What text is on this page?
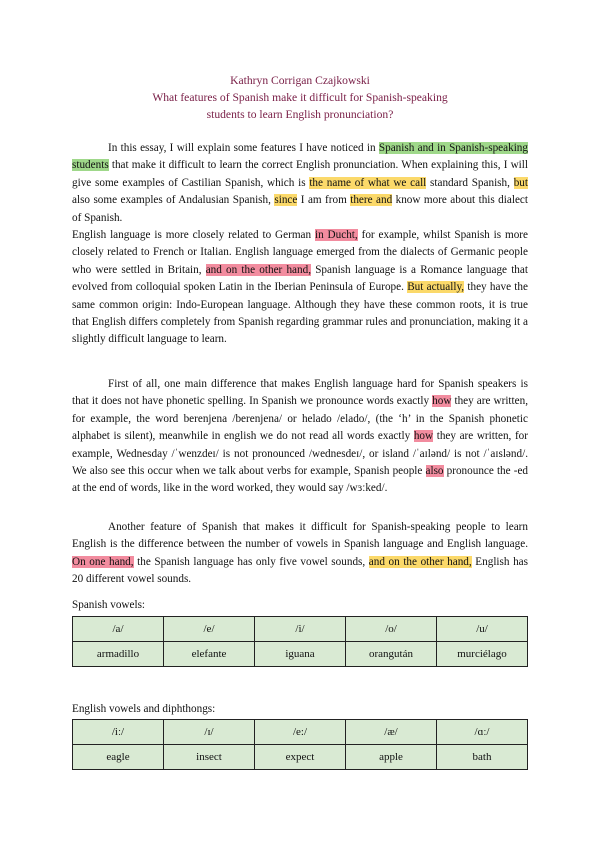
Kathryn Corrigan Czajkowski
What features of Spanish make it difficult for Spanish-speaking
students to learn English pronunciation?

In this essay, I will explain some features I have noticed in Spanish and in Spanish-speaking students that make it difficult to learn the correct English pronunciation. When explaining this, I will give some examples of Castilian Spanish, which is the name of what we call standard Spanish, but also some examples of Andalusian Spanish, since I am from there and know more about this dialect of Spanish.
English language is more closely related to German in Ducht, for example, whilst Spanish is more closely related to French or Italian. English language emerged from the dialects of Germanic people who were settled in Britain, and on the other hand, Spanish language is a Romance language that evolved from colloquial spoken Latin in the Iberian Peninsula of Europe. But actually, they have the same common origin: Indo-European language. Although they have these common roots, it is true that English differs completely from Spanish regarding grammar rules and pronunciation, making it a slightly difficult language to learn.

First of all, one main difference that makes English language hard for Spanish speakers is that it does not have phonetic spelling. In Spanish we pronounce words exactly how they are written, for example, the word berenjena /berenjena/ or helado /elado/, (the ‘h’ in the Spanish phonetic alphabet is silent), meanwhile in english we do not read all words exactly how they are written, for example, Wednesday /ˈwenzdeɪ/ is not pronounced /wednesdeɪ/, or island /ˈaɪlənd/ is not /ˈaɪslənd/. We also see this occur when we talk about verbs for example, Spanish people also pronounce the -ed at the end of words, like in the word worked, they would say /wɜːked/.

Another feature of Spanish that makes it difficult for Spanish-speaking people to learn English is the difference between the number of vowels in Spanish language and English language. On one hand, the Spanish language has only five vowel sounds, and on the other hand, English has 20 different vowel sounds.

Spanish vowels:
/a/	/e/	/i/	/o/	/u/
armadillo	elefante	iguana	orangután	murciélago
English vowels and diphthongs:
/iː/	/ɪ/	/e:/	/æ/	/ɑː/
eagle	insect	expect	apple	bath
